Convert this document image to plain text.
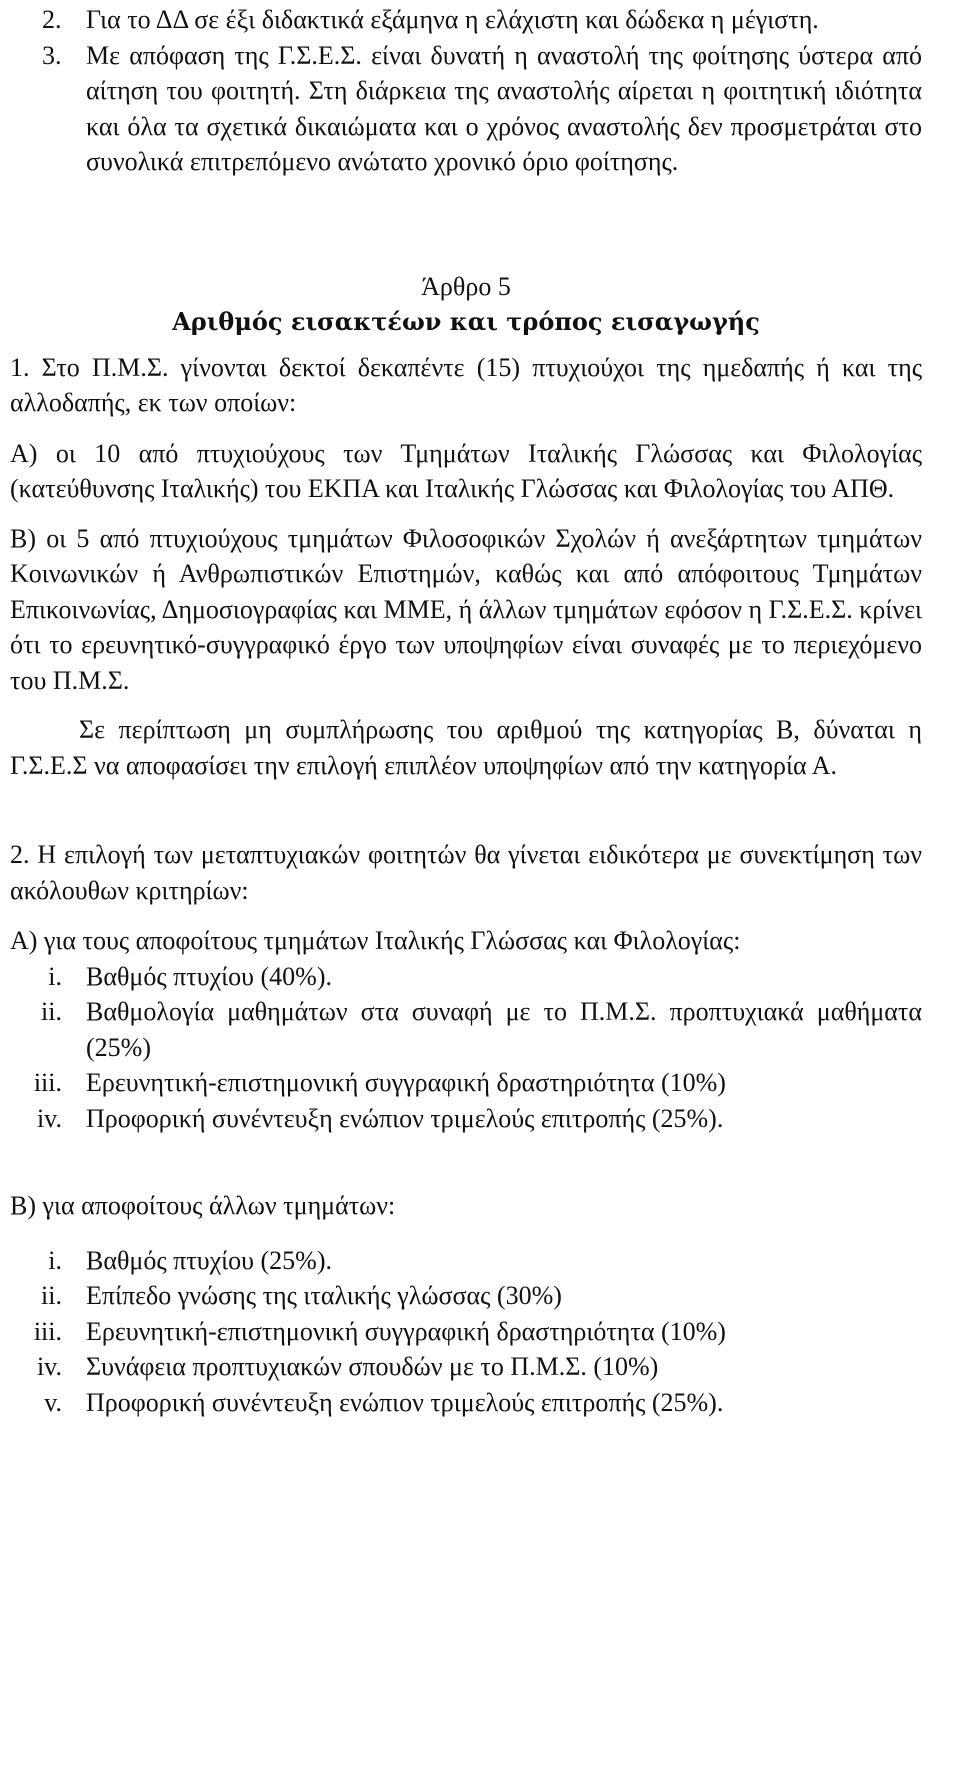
2. Για το ΔΔ σε έξι διδακτικά εξάμηνα η ελάχιστη και δώδεκα η μέγιστη.
3. Με απόφαση της Γ.Σ.Ε.Σ. είναι δυνατή η αναστολή της φοίτησης ύστερα από αίτηση του φοιτητή. Στη διάρκεια της αναστολής αίρεται η φοιτητική ιδιότητα και όλα τα σχετικά δικαιώματα και ο χρόνος αναστολής δεν προσμετράται στο συνολικά επιτρεπόμενο ανώτατο χρονικό όριο φοίτησης.

Άρθρο 5

Αριθμός εισακτέων και τρόπος εισαγωγής

1. Στο Π.Μ.Σ. γίνονται δεκτοί δεκαπέντε (15) πτυχιούχοι της ημεδαπής ή και της αλλοδαπής, εκ των οποίων:

Α) οι 10 από πτυχιούχους των Τμημάτων Ιταλικής Γλώσσας και Φιλολογίας (κατεύθυνσης Ιταλικής) του ΕΚΠΑ και Ιταλικής Γλώσσας και Φιλολογίας του ΑΠΘ.

Β) οι 5 από πτυχιούχους τμημάτων Φιλοσοφικών Σχολών ή ανεξάρτητων τμημάτων Κοινωνικών ή Ανθρωπιστικών Επιστημών, καθώς και από απόφοιτους Τμημάτων Επικοινωνίας, Δημοσιογραφίας και ΜΜΕ, ή άλλων τμημάτων εφόσον η Γ.Σ.Ε.Σ. κρίνει ότι το ερευνητικό-συγγραφικό έργο των υποψηφίων είναι συναφές με το περιεχόμενο του Π.Μ.Σ.

Σε περίπτωση μη συμπλήρωσης του αριθμού της κατηγορίας Β, δύναται η Γ.Σ.Ε.Σ να αποφασίσει την επιλογή επιπλέον υποψηφίων από την κατηγορία Α.

2. Η επιλογή των μεταπτυχιακών φοιτητών θα γίνεται ειδικότερα με συνεκτίμηση των ακόλουθων κριτηρίων:

Α) για τους αποφοίτους τμημάτων Ιταλικής Γλώσσας και Φιλολογίας:

i. Βαθμός πτυχίου (40%).
ii. Βαθμολογία μαθημάτων στα συναφή με το Π.Μ.Σ. προπτυχιακά μαθήματα (25%)
iii. Ερευνητική-επιστημονική συγγραφική δραστηριότητα (10%)
iv. Προφορική συνέντευξη ενώπιον τριμελούς επιτροπής (25%).

Β) για αποφοίτους άλλων τμημάτων:

i. Βαθμός πτυχίου (25%).
ii. Επίπεδο γνώσης της ιταλικής γλώσσας (30%)
iii. Ερευνητική-επιστημονική συγγραφική δραστηριότητα (10%)
iv. Συνάφεια προπτυχιακών σπουδών με το Π.Μ.Σ. (10%)
v. Προφορική συνέντευξη ενώπιον τριμελούς επιτροπής (25%).
